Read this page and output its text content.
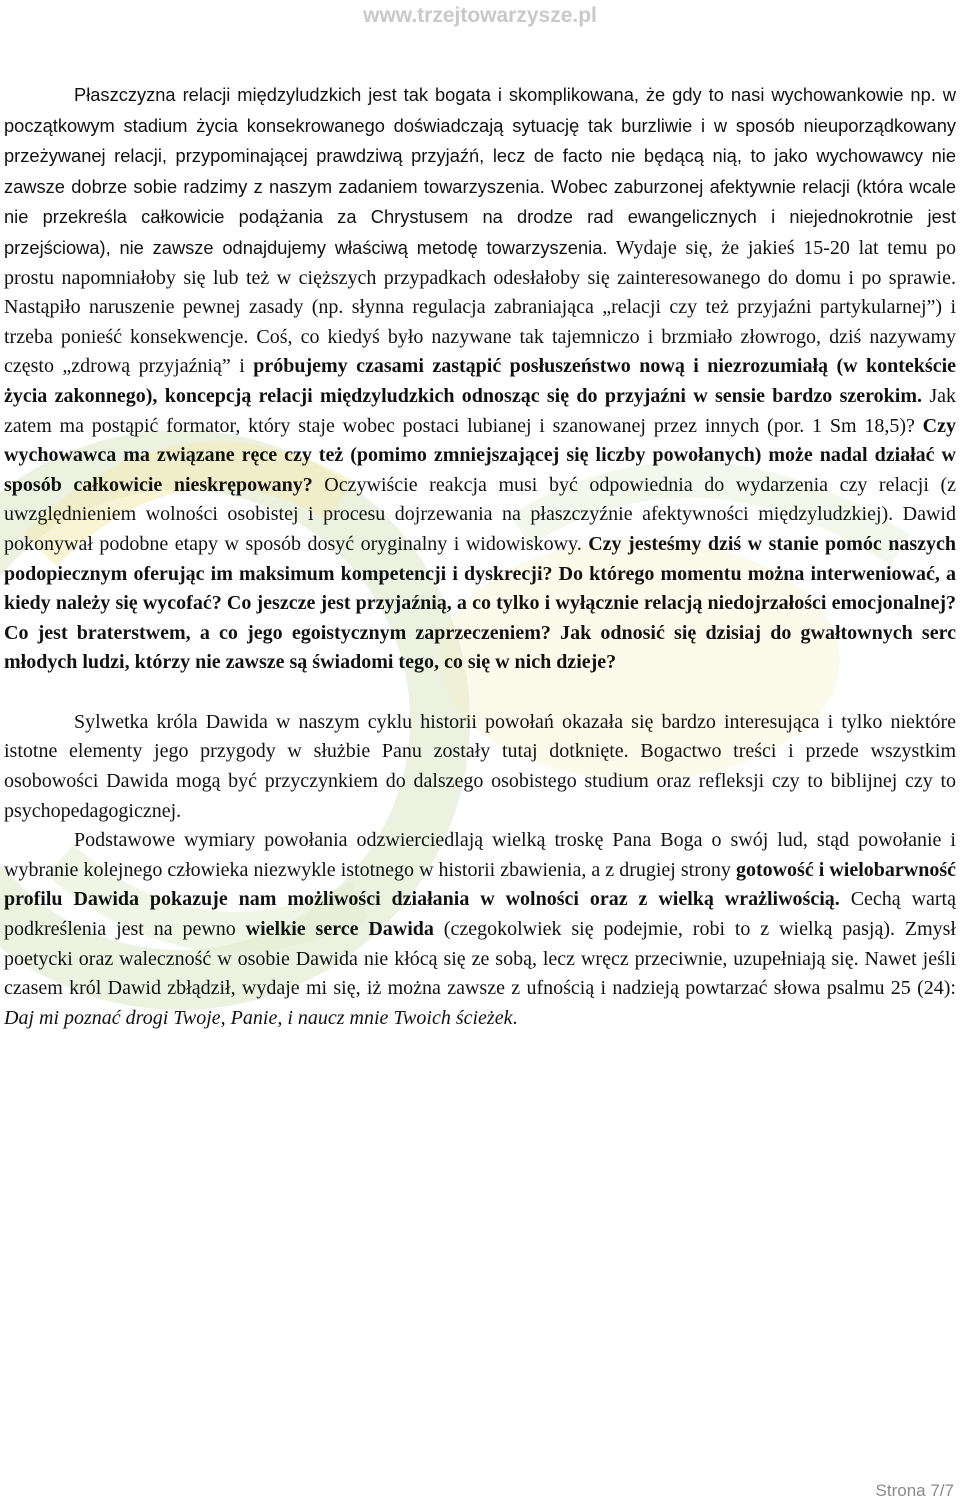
www.trzejtowarzysze.pl

Płaszczyzna relacji międzyludzkich jest tak bogata i skomplikowana, że gdy to nasi wychowankowie np. w początkowym stadium życia konsekrowanego doświadczają sytuację tak burzliwie i w sposób nieuporządkowany przeżywanej relacji, przypominającej prawdziwą przyjaźń, lecz de facto nie będącą nią, to jako wychowawcy nie zawsze dobrze sobie radzimy z naszym zadaniem towarzyszenia. Wobec zaburzonej afektywnie relacji (która wcale nie przekreśla całkowicie podążania za Chrystusem na drodze rad ewangelicznych i niejednokrotnie jest przejściowa), nie zawsze odnajdujemy właściwą metodę towarzyszenia. Wydaje się, że jakieś 15-20 lat temu po prostu napomniałoby się lub też w cięższych przypadkach odesłałoby się zainteresowanego do domu i po sprawie. Nastąpiło naruszenie pewnej zasady (np. słynna regulacja zabraniająca „relacji czy też przyjaźni partykularnej”) i trzeba ponieść konsekwencje. Coś, co kiedyś było nazywane tak tajemniczo i brzmiało złowrogo, dziś nazywamy często „zdrową przyjaźnią” i próbujemy czasami zastąpić posłuszeństwo nową i niezrozumiałą (w kontekście życia zakonnego), koncepcją relacji międzyludzkich odnosząc się do przyjaźni w sensie bardzo szerokim. Jak zatem ma postąpić formator, który staje wobec postaci lubianej i szanowanej przez innych (por. 1 Sm 18,5)? Czy wychowawca ma związane ręce czy też (pomimo zmniejszającej się liczby powołanych) może nadal działać w sposób całkowicie nieskrępowany? Oczywiście reakcja musi być odpowiednia do wydarzenia czy relacji (z uwzględnieniem wolności osobistej i procesu dojrzewania na płaszczyźnie afektywności międzyludzkiej). Dawid pokonywał podobne etapy w sposób dosyć oryginalny i widowiskowy. Czy jesteśmy dziś w stanie pomóc naszych podopiecznym oferując im maksimum kompetencji i dyskrecji? Do którego momentu można interweniować, a kiedy należy się wycofać? Co jeszcze jest przyjaźnią, a co tylko i wyłącznie relacją niedojrzałości emocjonalnej? Co jest braterstwem, a co jego egoistycznym zaprzeczeniem? Jak odnosić się dzisiaj do gwałtownych serc młodych ludzi, którzy nie zawsze są świadomi tego, co się w nich dzieje?

Sylwetka króla Dawida w naszym cyklu historii powołań okazała się bardzo interesująca i tylko niektóre istotne elementy jego przygody w służbie Panu zostały tutaj dotknięte. Bogactwo treści i przede wszystkim osobowości Dawida mogą być przyczynkiem do dalszego osobistego studium oraz refleksji czy to biblijnej czy to psychopedagogicznej.

Podstawowe wymiary powołania odzwierciedlają wielką troskę Pana Boga o swój lud, stąd powołanie i wybranie kolejnego człowieka niezwykle istotnego w historii zbawienia, a z drugiej strony gotowość i wielobarwność profilu Dawida pokazuje nam możliwości działania w wolności oraz z wielką wrażliwością. Cechą wartą podkreślenia jest na pewno wielkie serce Dawida (czegokolwiek się podejmie, robi to z wielką pasją). Zmysł poetycki oraz waleczność w osobie Dawida nie kłócą się ze sobą, lecz wręcz przeciwnie, uzupełniają się. Nawet jeśli czasem król Dawid zbłądził, wydaje mi się, iż można zawsze z ufnością i nadzieją powtarzać słowa psalmu 25 (24): Daj mi poznać drogi Twoje, Panie, i naucz mnie Twoich ścieżek.

Strona 7/7
